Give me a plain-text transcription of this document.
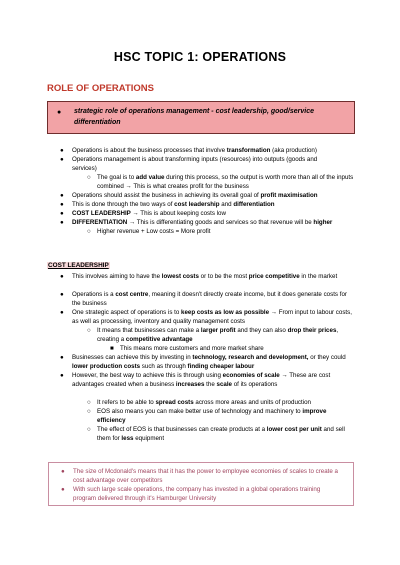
HSC TOPIC 1: OPERATIONS
ROLE OF OPERATIONS
● strategic role of operations management - cost leadership, good/service differentiation
● Operations is about the business processes that involve transformation (aka production)
● Operations management is about transforming inputs (resources) into outputs (goods and services)
○ The goal is to add value during this process, so the output is worth more than all of the inputs combined → This is what creates profit for the business
● Operations should assist the business in achieving its overall goal of profit maximisation
● This is done through the two ways of cost leadership and differentiation
● COST LEADERSHIP → This is about keeping costs low
● DIFFERENTIATION → This is differentiating goods and services so that revenue will be higher
○ Higher revenue + Low costs = More profit
COST LEADERSHIP
● This involves aiming to have the lowest costs or to be the most price competitive in the market
● Operations is a cost centre, meaning it doesn't directly create income, but it does generate costs for the business
● One strategic aspect of operations is to keep costs as low as possible → From input to labour costs, as well as processing, inventory and quality management costs
○ It means that businesses can make a larger profit and they can also drop their prices, creating a competitive advantage
■ This means more customers and more market share
● Businesses can achieve this by investing in technology, research and development, or they could lower production costs such as through finding cheaper labour
● However, the best way to achieve this is through using economies of scale → These are cost advantages created when a business increases the scale of its operations
○ It refers to be able to spread costs across more areas and units of production
○ EOS also means you can make better use of technology and machinery to improve efficiency
○ The effect of EOS is that businesses can create products at a lower cost per unit and sell them for less equipment
● The size of Mcdonald's means that it has the power to employee economies of scales to create a cost advantage over competitors
● With such large scale operations, the company has invested in a global operations training program delivered through it's Hamburger University
